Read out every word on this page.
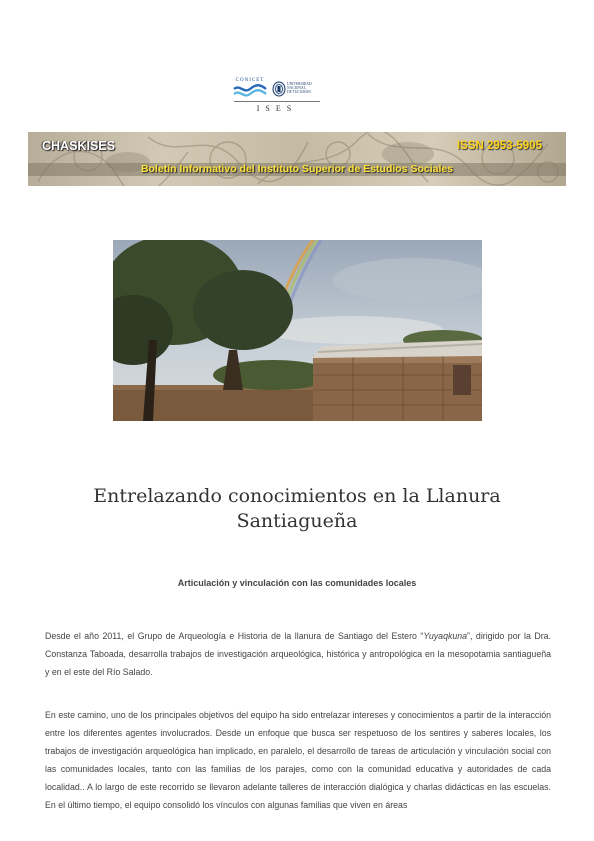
CONICET
UNIVERSIDAD
NACIONAL
DE TUCUMÁN
ISES
CHASKISES	ISSN 2953-5905
Boletín Informativo del Instituto Superior de Estudios Sociales
Entrelazando conocimientos en la Llanura Santiagueña
Articulación y vinculación con las comunidades locales

Desde el año 2011, el Grupo de Arqueología e Historia de la llanura de Santiago del Estero “Yuyaqkuna”, dirigido por la Dra. Constanza Taboada, desarrolla trabajos de investigación arqueológica, histórica y antropológica en la mesopotamia santiagueña y en el este del Río Salado.

En este camino, uno de los principales objetivos del equipo ha sido entrelazar intereses y conocimientos a partir de la interacción entre los diferentes agentes involucrados. Desde un enfoque que busca ser respetuoso de los sentires y saberes locales, los trabajos de investigación arqueológica han implicado, en paralelo, el desarrollo de tareas de articulación y vinculación social con las comunidades locales, tanto con las familias de los parajes, como con la comunidad educativa y autoridades de cada localidad.. A lo largo de este recorrido se llevaron adelante talleres de interacción dialógica y charlas didácticas en las escuelas. En el último tiempo, el equipo consolidó los vínculos con algunas familias que viven en áreas
